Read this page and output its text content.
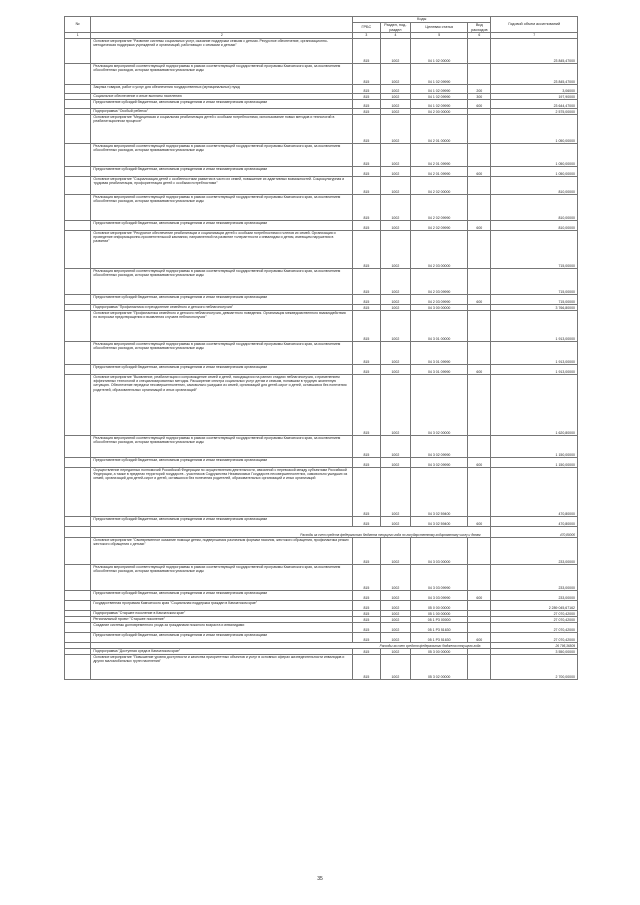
№		Коды				Годовой объем ассигнований
		ГРБС	Раздел, под-раздел	Целевая статья	Вид расходов	
1	2	3	4	5	6	7
	Основное мероприятие "Развитие системы социальных услуг, оказание поддержки семьям с детьми. Ресурсное обеспечение, организационно-методическая поддержка учреждений и организаций, работающих с семьями и детьми"	815	1002	04 1 02 00000		23 845,47000
	Реализация мероприятий соответствующей подпрограммы в рамках соответствующей государственной программы Камчатского края, за исключением обособленных расходов, которым присваиваются уникальные коды	815	1002	04 1 02 09990		23 845,47000
	Закупка товаров, работ и услуг для обеспечения государственных (муниципальных) нужд	815	1002	04 1 02 09990	200	3,06000
	Социальное обеспечение и иные выплаты населению	815	1002	04 1 02 09990	300	197,90000
	Предоставление субсидий бюджетным, автономным учреждениям и иным некоммерческим организациям	815	1002	04 1 02 09990	600	23 644,47000
	Подпрограмма "Особый ребенок"	815	1002	04 2 00 00000		2 575,00000
	Основное мероприятие "Медицинская и социальная реабилитация детей с особыми потребностями, использование новых методов и технологий в реабилитационном процессе"	815	1002	04 2 01 00000		1 050,00000
	Реализация мероприятий соответствующей подпрограммы в рамках соответствующей государственной программы Камчатского края, за исключением обособленных расходов, которым присваиваются уникальные коды	815	1002	04 2 01 09990		1 050,00000
	Предоставление субсидий бюджетным, автономным учреждениям и иным некоммерческим организациям	815	1002	04 2 01 09990	600	1 050,00000
	Основное мероприятие "Социализация детей с особенностями развития в части их семей, повышение их адаптивных возможностей. Социокультурная и трудовая реабилитация, профориентация детей с особыми потребностями"	815	1002	04 2 02 00000		810,00000
	Реализация мероприятий соответствующей подпрограммы в рамках соответствующей государственной программы Камчатского края, за исключением обособленных расходов, которым присваиваются уникальные коды	815	1002	04 2 02 09990		810,00000
	Предоставление субсидий бюджетным, автономным учреждениям и иным некоммерческим организациям	815	1002	04 2 02 09990	600	810,00000
	Основное мероприятие "Ресурсное обеспечение реабилитации и социализации детей с особыми потребностями и членов их семей. Организация и проведение информационно-просветительской кампании, направленной на развитие толерантности к инвалидам и детям, имеющим нарушения в развитии"	815	1002	04 2 03 00000		715,00000
	Реализация мероприятий соответствующей подпрограммы в рамках соответствующей государственной программы Камчатского края, за исключением обособленных расходов, которым присваиваются уникальные коды	815	1002	04 2 03 09990		715,00000
	Предоставление субсидий бюджетным, автономным учреждениям и иным некоммерческим организациям	815	1002	04 2 03 09990	600	715,00000
	Подпрограмма "Профилактика и преодоление семейного и детского неблагополучия"	815	1002	04 3 00 00000		3 766,80000
	Основное мероприятие "Профилактика семейного и детского неблагополучия, девиантного поведения. Организация межведомственного взаимодействия по вопросам предотвращения и выявления случаев неблагополучия"	815	1002	04 3 01 00000		1 913,00000
	Реализация мероприятий соответствующей подпрограммы в рамках соответствующей государственной программы Камчатского края, за исключением обособленных расходов, которым присваиваются уникальные коды	815	1002	04 3 01 09990		1 913,00000
	Предоставление субсидий бюджетным, автономным учреждениям и иным некоммерческим организациям	815	1002	04 3 01 09990	600	1 913,00000
	Основное мероприятие "Выявление, реабилитация и сопровождение семей и детей, находящихся на ранних стадиях неблагополучия, с применением эффективных технологий и специализированных методик. Расширение спектра социальных услуг детям и семьям, попавшим в трудную жизненную ситуацию. Обеспечение передачи несовершеннолетних, самовольно ушедших из семей, организаций для детей-сирот и детей, оставшихся без попечения родителей, образовательных организаций и иных организаций"	815	1002	04 3 02 00000		1 620,80000
	Реализация мероприятий соответствующей подпрограммы в рамках соответствующей государственной программы Камчатского края, за исключением обособленных расходов, которым присваиваются уникальные коды	815	1002	04 3 02 09990		1 150,00000
	Предоставление субсидий бюджетным, автономным учреждениям и иным некоммерческим организациям	815	1002	04 3 02 09990	600	1 150,00000
	Осуществление переданных полномочий Российской Федерации по осуществлению деятельности, связанной с перевозкой между субъектами Российской Федерации, а также в пределах территорий государств - участников Содружества Независимых Государств несовершеннолетних, самовольно ушедших из семей, организаций для детей-сирот и детей, оставшихся без попечения родителей, образовательных организаций и иных организаций	815	1002	04 3 02 59400		470,80000
	Предоставление субсидий бюджетным, автономным учреждениям и иным некоммерческим организациям	815	1002	04 3 02 59400	600	470,80000
	Расходы за счет средств федерального бюджета текущего года по государственному кодированному числу и делам					470,80000
	Основное мероприятие "Своевременное оказание помощи детям, подвергшимся различным формам насилия, жестокого обращения, профилактика резких жестокого обращения с детьми"	815	1002	04 3 03 00000		233,00000
	Реализация мероприятий соответствующей подпрограммы в рамках соответствующей государственной программы Камчатского края, за исключением обособленных расходов, которым присваиваются уникальные коды	815	1002	04 3 03 09990		233,00000
	Предоставление субсидий бюджетным, автономным учреждениям и иным некоммерческим организациям	815	1002	04 3 03 09990	600	233,00000
	Государственная программа Камчатского края "Социальная поддержка граждан в Камчатском крае"	815	1002	05 0 00 00000		2 289 045,67162
	Подпрограмма "Старшее поколение в Камчатском крае"	815	1002	05 1 00 00000		27 070,42000
	Региональный проект "Старшее поколение"	815	1002	05 1 P3 00000		27 070,42000
	Создание системы долговременного ухода за гражданами пожилого возраста и инвалидами	815	1002	05 1 P3 51630		27 070,42000
	Предоставление субсидий бюджетным, автономным учреждениям и иным некоммерческим организациям	815	1002	05 1 P3 51630	600	27 070,42000
	Расходы за счет средств федерального бюджета текущего года					26 795,36509
	Подпрограмма "Доступная среда в Камчатском крае"	815	1002	05 3 00 00000		3 550,00000
	Основное мероприятие "Повышение уровня доступности и качества приоритетных объектов и услуг в основных сферах жизнедеятельности инвалидов и других маломобильных групп населения"	815	1002	05 3 02 00000		2 700,00000
35
